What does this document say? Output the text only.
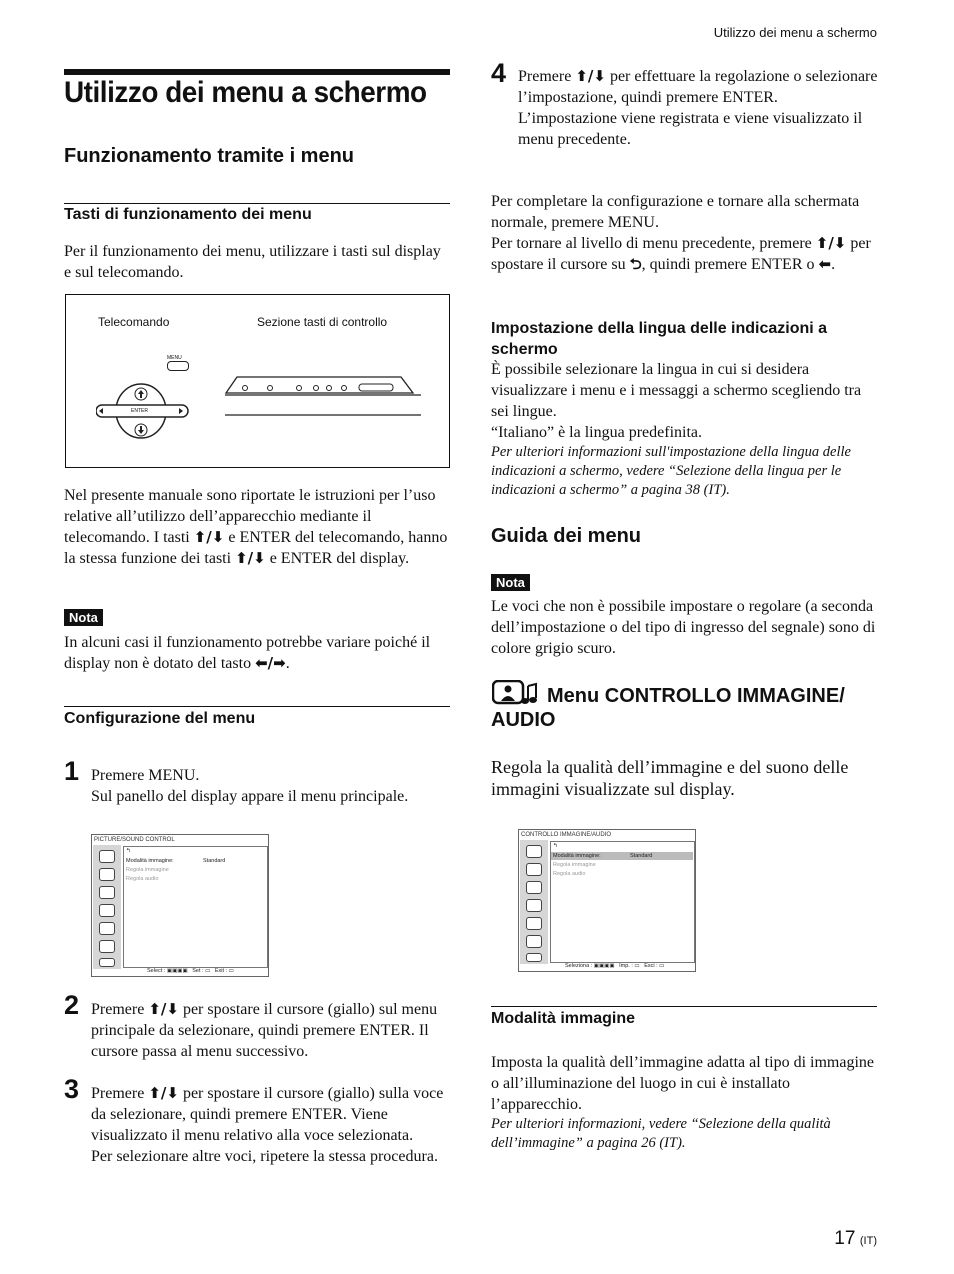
Utilizzo dei menu a schermo
Utilizzo dei menu a schermo
Funzionamento tramite i menu
Tasti di funzionamento dei menu
Per il funzionamento dei menu, utilizzare i tasti sul display e sul telecomando.
Telecomando	Sezione tasti di controllo
MENU
ENTER
Nel presente manuale sono riportate le istruzioni per l’uso relative all’utilizzo dell’apparecchio mediante il telecomando. I tasti ⬆/⬇ e ENTER del telecomando, hanno la stessa funzione dei tasti ⬆/⬇ e ENTER del display.
Nota
In alcuni casi il funzionamento potrebbe variare poiché il display non è dotato del tasto ⬅/➡.
Configurazione del menu
1 Premere MENU.
Sul panello del display appare il menu principale.
PICTURE/SOUND CONTROL
↰
Modalità immagine:	Standard
Regola immagine
Regola audio
Select : ▣▣▣▣   Set : ▭   Exit : ▭
2 Premere ⬆/⬇ per spostare il cursore (giallo) sul menu principale da selezionare, quindi premere ENTER. Il cursore passa al menu successivo.
3 Premere ⬆/⬇ per spostare il cursore (giallo) sulla voce da selezionare, quindi premere ENTER. Viene visualizzato il menu relativo alla voce selezionata.
Per selezionare altre voci, ripetere la stessa procedura.
4 Premere ⬆/⬇ per effettuare la regolazione o selezionare l’impostazione, quindi premere ENTER.
L’impostazione viene registrata e viene visualizzato il menu precedente.
Per completare la configurazione e tornare alla schermata normale, premere MENU.
Per tornare al livello di menu precedente, premere ⬆/⬇ per spostare il cursore su ⮌, quindi premere ENTER o ⬅.
Impostazione della lingua delle indicazioni a schermo
È possibile selezionare la lingua in cui si desidera visualizzare i menu e i messaggi a schermo scegliendo tra sei lingue.
“Italiano” è la lingua predefinita.
Per ulteriori informazioni sull'impostazione della lingua delle indicazioni a schermo, vedere “Selezione della lingua per le indicazioni a schermo” a pagina 38 (IT).
Guida dei menu
Nota
Le voci che non è possibile impostare o regolare (a seconda dell’impostazione o del tipo di ingresso del segnale) sono di colore grigio scuro.
Menu CONTROLLO IMMAGINE/ AUDIO
Regola la qualità dell’immagine e del suono delle immagini visualizzate sul display.
CONTROLLO IMMAGINE/AUDIO
↰
Modalità immagine:	Standard
Regola immagine
Regola audio
Seleziona : ▣▣▣▣   Imp. : ▭   Esci : ▭
Modalità immagine
Imposta la qualità dell’immagine adatta al tipo di immagine o all’illuminazione del luogo in cui è installato l’apparecchio.
Per ulteriori informazioni, vedere “Selezione della qualità dell’immagine” a pagina 26 (IT).
17 (IT)
